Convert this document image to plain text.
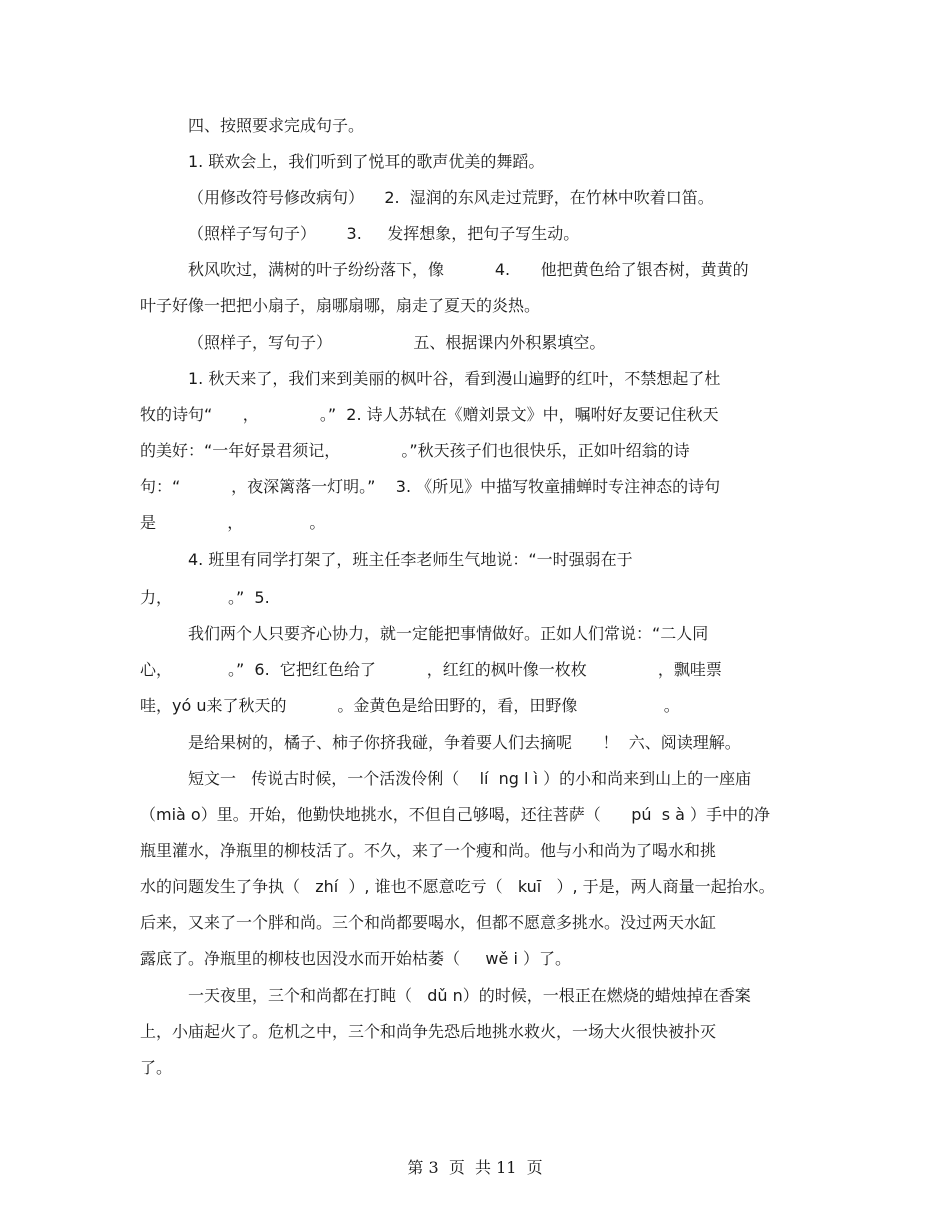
四、按照要求完成句子。
1. 联欢会上，我们听到了悦耳的歌声优美的舞蹈。
（用修改符号修改病句）    2.  湿润的东风走过荒野，在竹林中吹着口笛。
（照样子写句子）      3.     发挥想象，把句子写生动。
秋风吹过，满树的叶子纷纷落下，像          4.      他把黄色给了银杏树，黄黄的
叶子好像一把把小扇子，扇哪扇哪，扇走了夏天的炎热。
（照样子，写句子）                五、根据课内外积累填空。
1. 秋天来了，我们来到美丽的枫叶谷，看到漫山遍野的红叶，不禁想起了杜
牧的诗句“      ，            。”  2. 诗人苏轼在《赠刘景文》中，嘱咐好友要记住秋天
的美好：“一年好景君须记，            。”秋天孩子们也很快乐，正如叶绍翁的诗
句：“          ，夜深篱落一灯明。”    3. 《所见》中描写牧童捕蝉时专注神态的诗句
是              ，             。
4. 班里有同学打架了，班主任李老师生气地说：“一时强弱在于
力，           。”  5.
我们两个人只要齐心协力，就一定能把事情做好。正如人们常说：“二人同
心，           。”  6.  它把红色给了          ，红红的枫叶像一枚枚              ，飘哇票
哇，yó u来了秋天的          。金黄色是给田野的，看，田野像                 。
是给果树的，橘子、柿子你挤我碰，争着要人们去摘呢      ！  六、阅读理解。
短文一   传说古时候，一个活泼伶俐（    lí  ng l ì ）的小和尚来到山上的一座庙
（mià o）里。开始，他勤快地挑水，不但自己够喝，还往菩萨（      pú  s à ）手中的净
瓶里灌水，净瓶里的柳枝活了。不久，来了一个瘦和尚。他与小和尚为了喝水和挑
水的问题发生了争执（   zhí  ）, 谁也不愿意吃亏（   kuī   ）, 于是，两人商量一起抬水。
后来，又来了一个胖和尚。三个和尚都要喝水，但都不愿意多挑水。没过两天水缸
露底了。净瓶里的柳枝也因没水而开始枯萎（     wě i ）了。
一天夜里，三个和尚都在打盹（   dǔ n）的时候，一根正在燃烧的蜡烛掉在香案
上，小庙起火了。危机之中，三个和尚争先恐后地挑水救火，一场大火很快被扑灭
了。
第 3  页  共 11  页
